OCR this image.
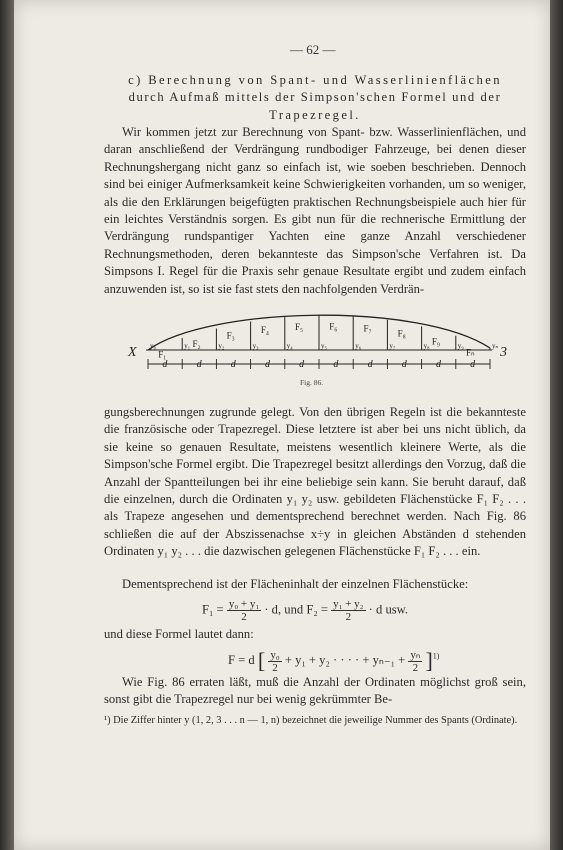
— 62 —
c) Berechnung von Spant- und Wasserlinienflächen
durch Aufmaß mittels der Simpson'schen Formel und der
Trapezregel.
Wir kommen jetzt zur Berechnung von Spant- bzw. Wasserlinienflächen, und daran anschließend der Verdrängung rundbodiger Fahrzeuge, bei denen dieser Rechnungshergang nicht ganz so einfach ist, wie soeben beschrieben. Dennoch sind bei einiger Aufmerksamkeit keine Schwierigkeiten vorhanden, um so weniger, als die den Erklärungen beigefügten praktischen Rechnungsbeispiele auch hier für ein leichtes Verständnis sorgen. Es gibt nun für die rechnerische Ermittlung der Verdrängung rundspantiger Yachten eine ganze Anzahl verschiedener Rechnungsmethoden, deren bekannteste das Simpson'sche Verfahren ist. Da Simpsons I. Regel für die Praxis sehr genaue Resultate ergibt und zudem einfach anzuwenden ist, so ist sie fast stets den nachfolgenden Verdrän-
y₀
F₁
d
y₁ F₂
d
y₂
F₃
d
y₃
F₄
d
y₄
F₅
d
y₅
F₆
d
y₆
F₇
d
y₇
F₈
d
y₈ F₉
d
y₉
Fₙ
d
yₙ
X	3
Fig. 86.
gungsberechnungen zugrunde gelegt. Von den übrigen Regeln ist die bekannteste die französische oder Trapezregel. Diese letztere ist aber bei uns nicht üblich, da sie keine so genauen Resultate, meistens wesentlich kleinere Werte, als die Simpson'sche Formel ergibt. Die Trapezregel besitzt allerdings den Vorzug, daß die Anzahl der Spantteilungen bei ihr eine beliebige sein kann. Sie beruht darauf, daß die einzelnen, durch die Ordinaten y₁ y₂ usw. gebildeten Flächenstücke F₁ F₂ . . . als Trapeze angesehen und dementsprechend berechnet werden. Nach Fig. 86 schließen die auf der Abszissenachse x÷y in gleichen Abständen d stehenden Ordinaten y₁ y₂ . . . die dazwischen gelegenen Flächenstücke F₁ F₂ . . . ein.
Dementsprechend ist der Flächeninhalt der einzelnen Flächenstücke:
$F_1 = \frac{\text{y₀ + y₁}}{2} \cdot d$, und $F_2 = \frac{\text{y₁ + y₂}}{2} \cdot d$ usw.
und diese Formel lautet dann:
F = d [ $\frac{\text{y₀}}{2} + y_1 + y_2$ · · · · + $y_{n-1} + \frac{\text{yₙ}}{2} ]^{1)}$
Wie Fig. 86 erraten läßt, muß die Anzahl der Ordinaten möglichst groß sein, sonst gibt die Trapezregel nur bei wenig gekrümmter Be-
¹) Die Ziffer hinter y (1, 2, 3 . . . n — 1, n) bezeichnet die jeweilige Nummer des Spants (Ordinate).
